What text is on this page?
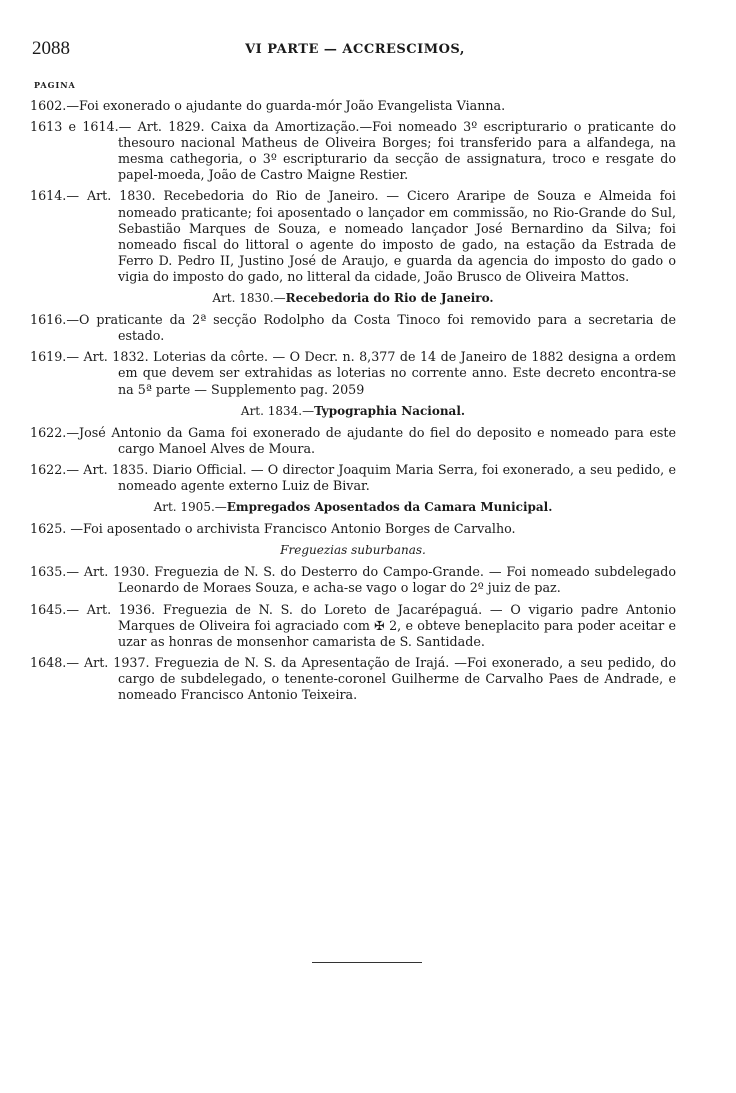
2088	VI PARTE — ACCRESCIMOS,
PAGINA

1602.—Foi exonerado o ajudante do guarda-mór João Evangelista Vianna.

1613 e 1614.— Art. 1829. Caixa da Amortização.—Foi nomeado 3º escripturario o praticante do thesouro nacional Matheus de Oliveira Borges; foi transferido para a alfandega, na mesma cathegoria, o 3º escripturario da secção de assignatura, troco e resgate do papel-moeda, João de Castro Maigne Restier.

1614.— Art. 1830. Recebedoria do Rio de Janeiro. — Cicero Araripe de Souza e Almeida foi nomeado praticante; foi aposentado o lançador em commissão, no Rio-Grande do Sul, Sebastião Marques de Souza, e nomeado lançador José Bernardino da Silva; foi nomeado fiscal do littoral o agente do imposto de gado, na estação da Estrada de Ferro D. Pedro II, Justino José de Araujo, e guarda da agencia do imposto do gado o vigia do imposto do gado, no litteral da cidade, João Brusco de Oliveira Mattos.

Art. 1830.—Recebedoria do Rio de Janeiro.

1616.—O praticante da 2ª secção Rodolpho da Costa Tinoco foi removido para a secretaria de estado.

1619.— Art. 1832. Loterias da côrte. — O Decr. n. 8,377 de 14 de Janeiro de 1882 designa a ordem em que devem ser extrahidas as loterias no corrente anno. Este decreto encontra-se na 5ª parte — Supplemento pag. 2059

Art. 1834.—Typographia Nacional.

1622.—José Antonio da Gama foi exonerado de ajudante do fiel do deposito e nomeado para este cargo Manoel Alves de Moura.

1622.— Art. 1835. Diario Official. — O director Joaquim Maria Serra, foi exonerado, a seu pedido, e nomeado agente externo Luiz de Bivar.

Art. 1905.—Empregados Aposentados da Camara Municipal.

1625. —Foi aposentado o archivista Francisco Antonio Borges de Carvalho.

Freguezias suburbanas.

1635.— Art. 1930. Freguezia de N. S. do Desterro do Campo-Grande. — Foi nomeado subdelegado Leonardo de Moraes Souza, e acha-se vago o logar do 2º juiz de paz.

1645.— Art. 1936. Freguezia de N. S. do Loreto de Jacarépaguá. — O vigario padre Antonio Marques de Oliveira foi agraciado com ✠ 2, e obteve beneplacito para poder aceitar e uzar as honras de monsenhor camarista de S. Santidade.

1648.— Art. 1937. Freguezia de N. S. da Apresentação de Irajá. —Foi exonerado, a seu pedido, do cargo de subdelegado, o tenente-coronel Guilherme de Carvalho Paes de Andrade, e nomeado Francisco Antonio Teixeira.
